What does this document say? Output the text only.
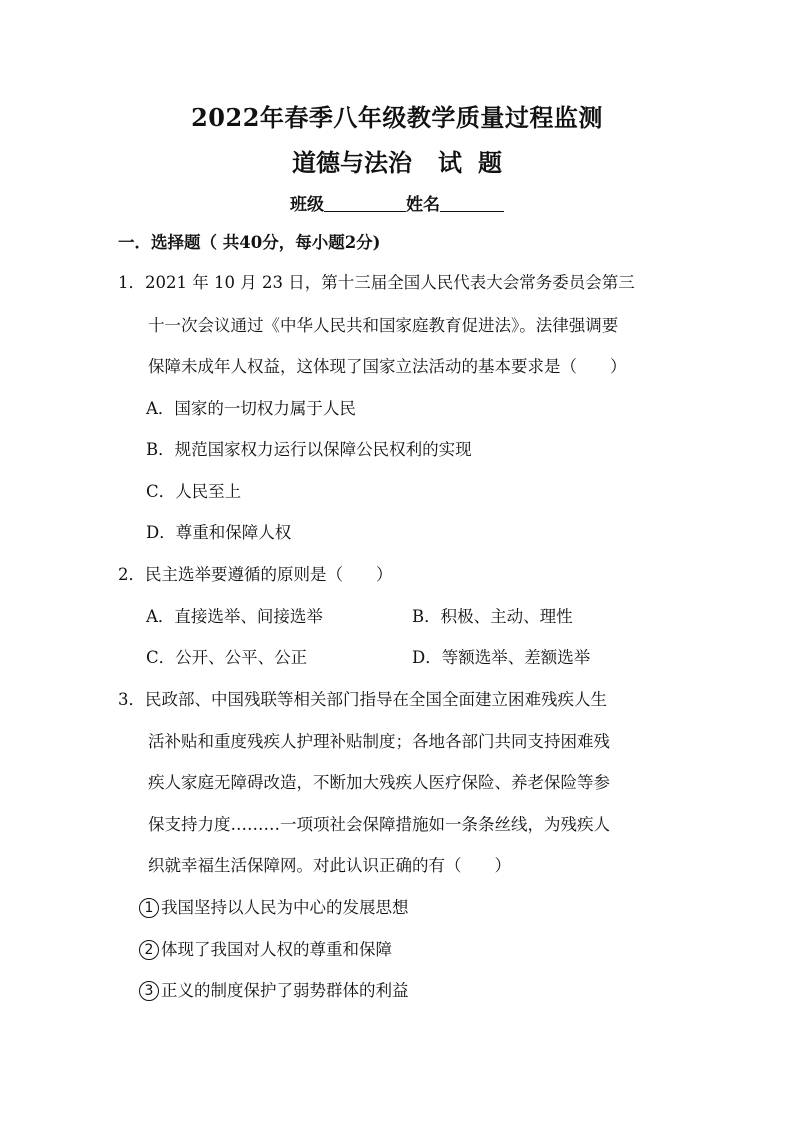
2022年春季八年级教学质量过程监测
道德与法治 试 题
班级	姓名
一．选择题（ 共40分，每小题2分)
1．2021 年 10 月 23 日，第十三届全国人民代表大会常务委员会第三
十一次会议通过《中华人民共和国家庭教育促进法》。法律强调要
保障未成年人权益，这体现了国家立法活动的基本要求是（　　）
A．国家的一切权力属于人民
B．规范国家权力运行以保障公民权利的实现
C．人民至上
D．尊重和保障人权
2．民主选举要遵循的原则是（　　）
A．直接选举、间接选举	B．积极、主动、理性
C．公开、公平、公正	D．等额选举、差额选举
3．民政部、中国残联等相关部门指导在全国全面建立困难残疾人生
活补贴和重度残疾人护理补贴制度；各地各部门共同支持困难残
疾人家庭无障碍改造，不断加大残疾人医疗保险、养老保险等参
保支持力度………一项项社会保障措施如一条条丝线，为残疾人
织就幸福生活保障网。对此认识正确的有（　　）
1 我国坚持以人民为中心的发展思想
2 体现了我国对人权的尊重和保障
3 正义的制度保护了弱势群体的利益
